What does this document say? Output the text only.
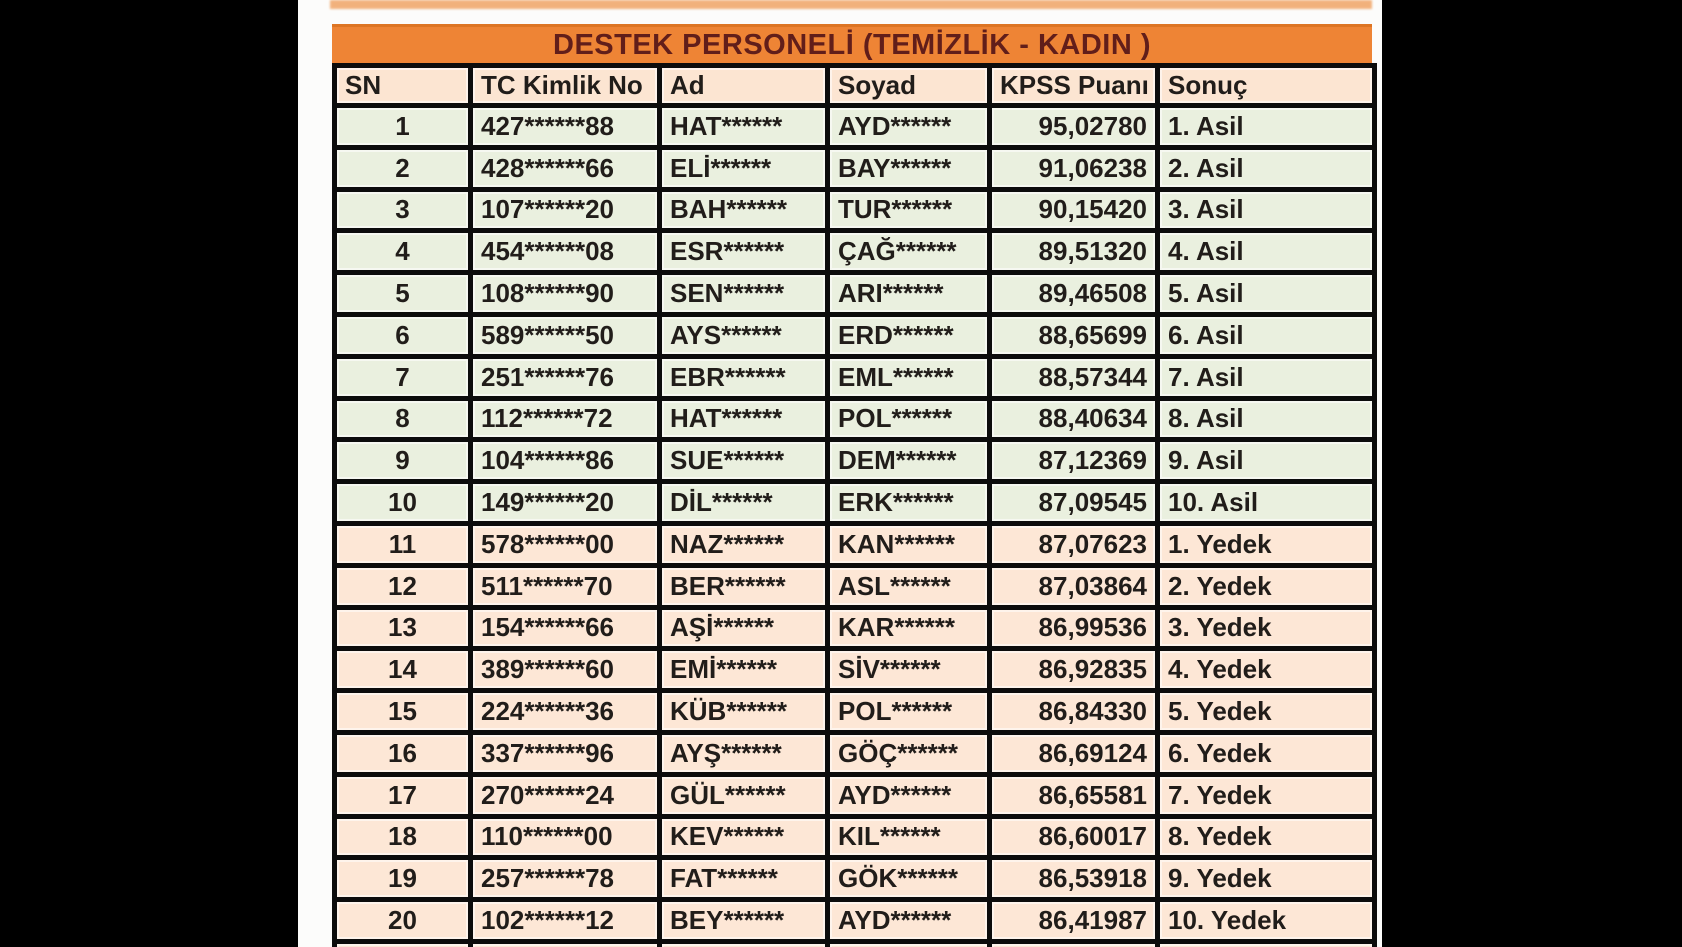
DESTEK PERSONELİ (TEMİZLİK - KADIN )
SN	TC Kimlik No	Ad	Soyad	KPSS Puanı	Sonuç
1	427******88	HAT******	AYD******	95,02780	1. Asil
2	428******66	ELİ******	BAY******	91,06238	2. Asil
3	107******20	BAH******	TUR******	90,15420	3. Asil
4	454******08	ESR******	ÇAĞ******	89,51320	4. Asil
5	108******90	SEN******	ARI******	89,46508	5. Asil
6	589******50	AYS******	ERD******	88,65699	6. Asil
7	251******76	EBR******	EML******	88,57344	7. Asil
8	112******72	HAT******	POL******	88,40634	8. Asil
9	104******86	SUE******	DEM******	87,12369	9. Asil
10	149******20	DİL******	ERK******	87,09545	10. Asil
11	578******00	NAZ******	KAN******	87,07623	1. Yedek
12	511******70	BER******	ASL******	87,03864	2. Yedek
13	154******66	AŞİ******	KAR******	86,99536	3. Yedek
14	389******60	EMİ******	SİV******	86,92835	4. Yedek
15	224******36	KÜB******	POL******	86,84330	5. Yedek
16	337******96	AYŞ******	GÖÇ******	86,69124	6. Yedek
17	270******24	GÜL******	AYD******	86,65581	7. Yedek
18	110******00	KEV******	KIL******	86,60017	8. Yedek
19	257******78	FAT******	GÖK******	86,53918	9. Yedek
20	102******12	BEY******	AYD******	86,41987	10. Yedek
